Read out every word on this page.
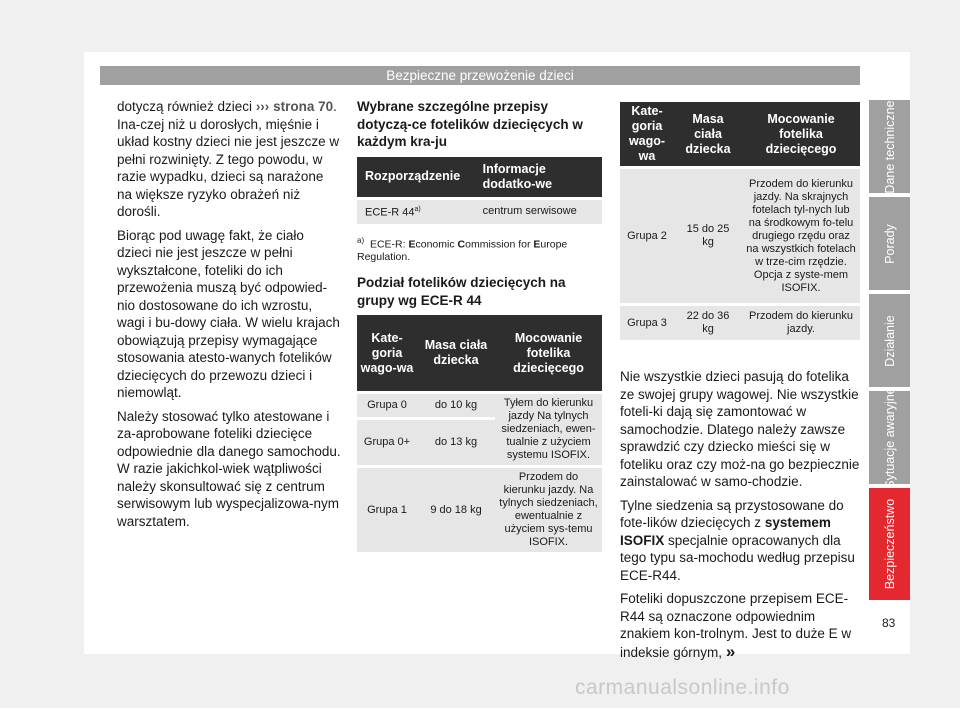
Bezpieczne przewożenie dzieci

dotyczą również dzieci ››› strona 70. Ina-czej niż u dorosłych, mięśnie i układ kostny dzieci nie jest jeszcze w pełni rozwinięty. Z tego powodu, w razie wypadku, dzieci są narażone na większe ryzyko obrażeń niż dorośli.

Biorąc pod uwagę fakt, że ciało dzieci nie jest jeszcze w pełni wykształcone, foteliki do ich przewożenia muszą być odpowied-nio dostosowane do ich wzrostu, wagi i bu-dowy ciała. W wielu krajach obowiązują przepisy wymagające stosowania atesto-wanych fotelików dziecięcych do przewozu dzieci i niemowląt.

Należy stosować tylko atestowane i za-aprobowane foteliki dziecięce odpowiednie dla danego samochodu. W razie jakichkol-wiek wątpliwości należy skonsultować się z centrum serwisowym lub wyspecjalizowa-nym warsztatem.

Wybrane szczególne przepisy dotyczą-ce fotelików dziecięcych w każdym kra-ju
Rozporządzenie	Informacje dodatko-we
ECE-R 44$^{a)}$	centrum serwisowe
$^{a)}$ ECE-R: Economic Commission for Europe Regulation.
Podział fotelików dziecięcych na grupy wg ECE-R 44
Kate-goria wago-wa	Masa ciała dziecka	Mocowanie fotelika dziecięcego
Grupa 0	do 10 kg	Tyłem do kierunku jazdy Na tylnych siedzeniach, ewen-tualnie z użyciem systemu ISOFIX.
Grupa 0+	do 13 kg	
Grupa 1	9 do 18 kg	Przodem do kierunku jazdy. Na tylnych siedzeniach, ewentualnie z użyciem sys-temu ISOFIX.
Kate-goria wago-wa	Masa ciała dziecka	Mocowanie fotelika dziecięcego
Grupa 2	15 do 25 kg	Przodem do kierunku jazdy. Na skrajnych fotelach tyl-nych lub na środkowym fo-telu drugiego rzędu oraz na wszystkich fotelach w trze-cim rzędzie. Opcja z syste-mem ISOFIX.
Grupa 3	22 do 36 kg	Przodem do kierunku jazdy.

Nie wszystkie dzieci pasują do fotelika ze swojej grupy wagowej. Nie wszystkie foteli-ki dają się zamontować w samochodzie. Dlatego należy zawsze sprawdzić czy dziecko mieści się w foteliku oraz czy moż-na go bezpiecznie zainstalować w samo-chodzie.

Tylne siedzenia są przystosowane do fote-lików dziecięcych z systemem ISOFIX specjalnie opracowanych dla tego typu sa-mochodu według przepisu ECE-R44.

Foteliki dopuszczone przepisem ECE-R44 są oznaczone odpowiednim znakiem kon-trolnym. Jest to duże E w indeksie górnym, »

Dane techniczne
Porady
Działanie
Sytuacje awaryjne
Bezpieczeństwo
83
carmanualsonline.info
